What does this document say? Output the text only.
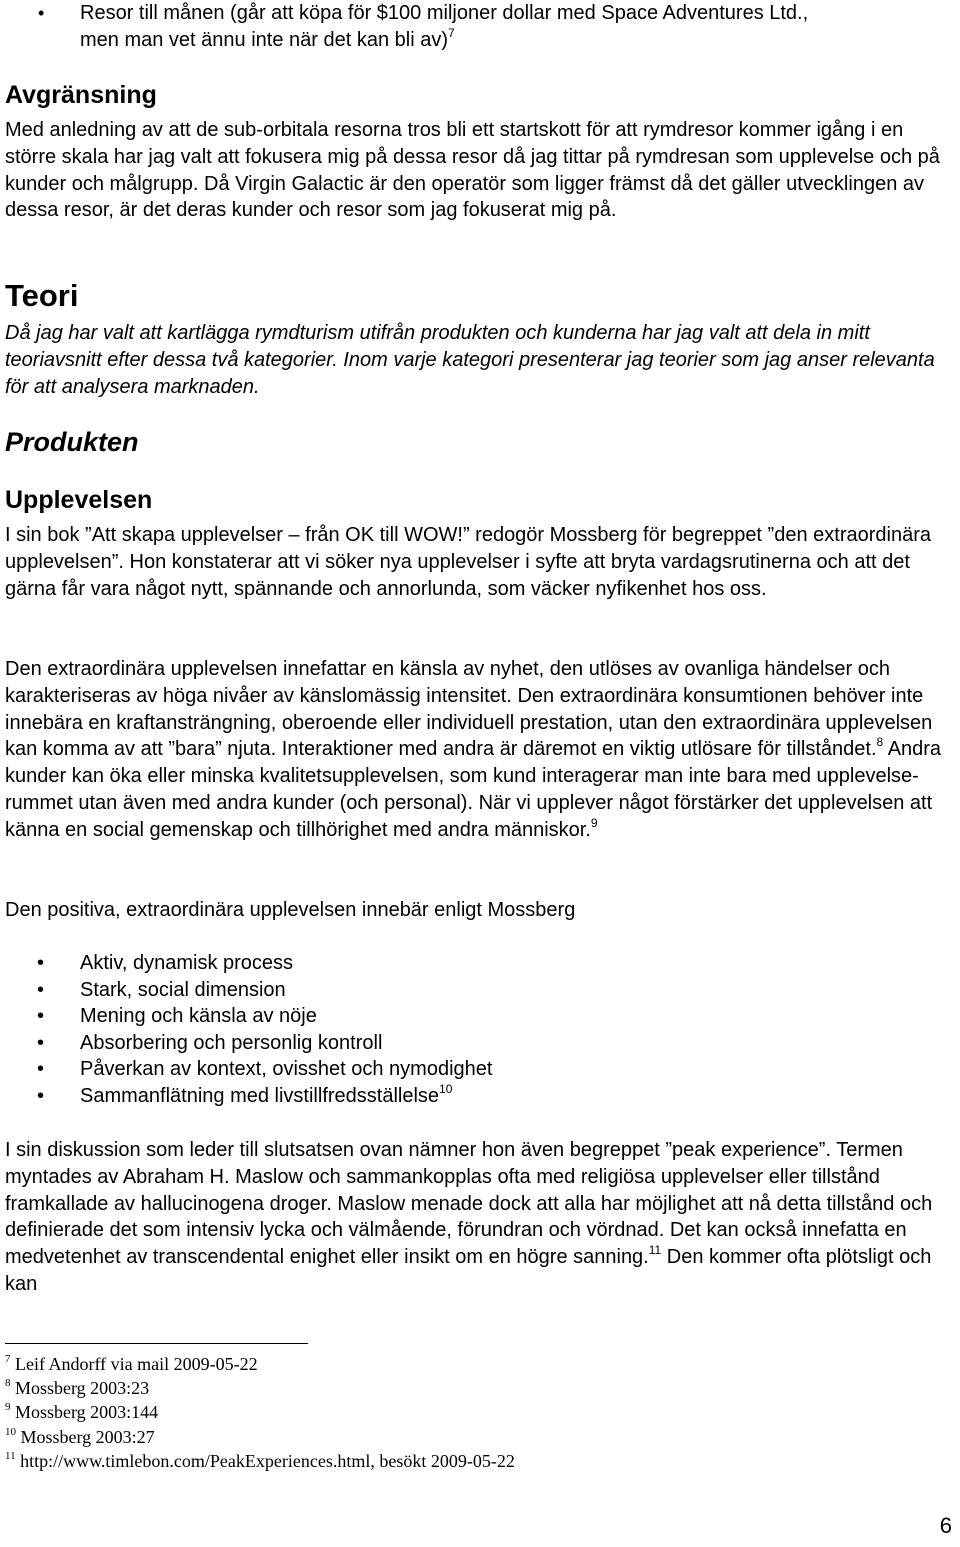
• Resor till månen (går att köpa för $100 miljoner dollar med Space Adventures Ltd.,
men man vet ännu inte när det kan bli av)$^7$
Avgränsning

Med anledning av att de sub-orbitala resorna tros bli ett startskott för att rymdresor kommer igång i en större skala har jag valt att fokusera mig på dessa resor då jag tittar på rymdresan som upplevelse och på kunder och målgrupp. Då Virgin Galactic är den operatör som ligger främst då det gäller utvecklingen av dessa resor, är det deras kunder och resor som jag fokuserat mig på.

Teori

Då jag har valt att kartlägga rymdturism utifrån produkten och kunderna har jag valt att dela in mitt teoriavsnitt efter dessa två kategorier. Inom varje kategori presenterar jag teorier som jag anser relevanta för att analysera marknaden.

Produkten
Upplevelsen

I sin bok ”Att skapa upplevelser – från OK till WOW!” redogör Mossberg för begreppet ”den extraordinära upplevelsen”. Hon konstaterar att vi söker nya upplevelser i syfte att bryta vardagsrutinerna och att det gärna får vara något nytt, spännande och annorlunda, som väcker nyfikenhet hos oss.

Den extraordinära upplevelsen innefattar en känsla av nyhet, den utlöses av ovanliga händelser och karakteriseras av höga nivåer av känslomässig intensitet. Den extraordinära konsumtionen behöver inte innebära en kraftansträngning, oberoende eller individuell prestation, utan den extraordinära upplevelsen kan komma av att ”bara” njuta. Interaktioner med andra är däremot en viktig utlösare för tillståndet.$^8$ Andra kunder kan öka eller minska kvalitetsupplevelsen, som kund interagerar man inte bara med upplevelse-rummet utan även med andra kunder (och personal). När vi upplever något förstärker det upplevelsen att känna en social gemenskap och tillhörighet med andra människor.$^9$

Den positiva, extraordinära upplevelsen innebär enligt Mossberg

• Aktiv, dynamisk process
• Stark, social dimension
• Mening och känsla av nöje
• Absorbering och personlig kontroll
• Påverkan av kontext, ovisshet och nymodighet
• Sammanflätning med livstillfredsställelse$^{10}$

I sin diskussion som leder till slutsatsen ovan nämner hon även begreppet ”peak experience”. Termen myntades av Abraham H. Maslow och sammankopplas ofta med religiösa upplevelser eller tillstånd framkallade av hallucinogena droger. Maslow menade dock att alla har möjlighet att nå detta tillstånd och definierade det som intensiv lycka och välmående, förundran och vördnad. Det kan också innefatta en medvetenhet av transcendental enighet eller insikt om en högre sanning.$^{11}$ Den kommer ofta plötsligt och kan

$^7$ Leif Andorff via mail 2009-05-22
$^8$ Mossberg 2003:23
$^9$ Mossberg 2003:144
$^{10}$ Mossberg 2003:27
$^{11}$ http://www.timlebon.com/PeakExperiences.html, besökt 2009-05-22
6
